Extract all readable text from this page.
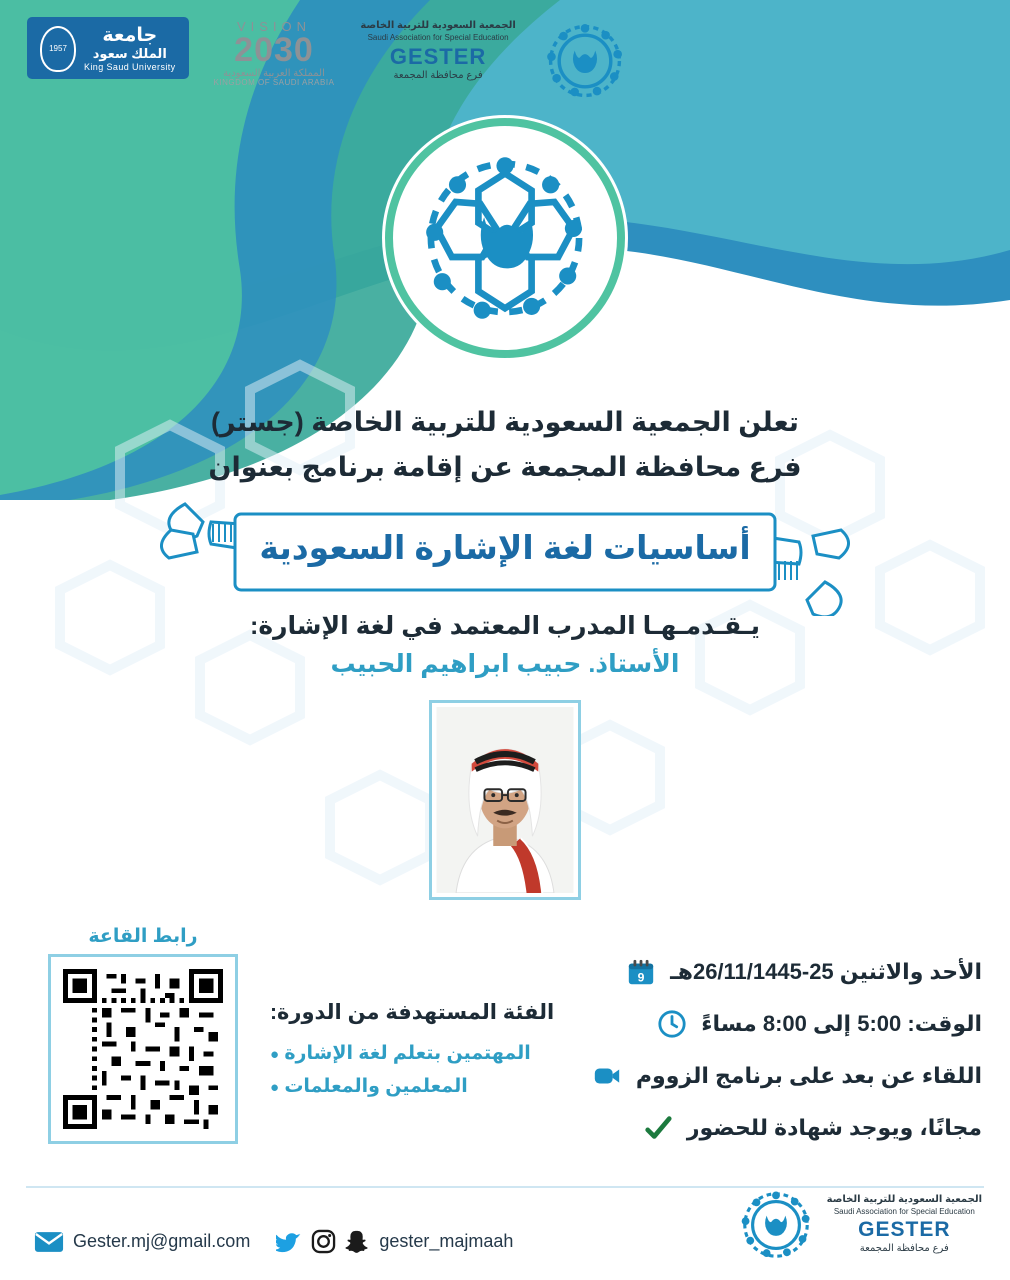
جامعة
الملك سعود
King Saud University
1957
VISION
2030
المملكة العربية السعودية
KINGDOM OF SAUDI ARABIA
الجمعية السعودية للتربية الخاصة
Saudi Association for Special Education
GESTER
فرع محافظة المجمعة
تعلن الجمعية السعودية للتربية الخاصة (جستر)
فرع محافظة المجمعة عن إقامة برنامج بعنوان
أساسيات لغة الإشارة السعودية
يـقـدمـهـا المدرب المعتمد في لغة الإشارة:
الأستاذ. حبيب ابراهيم الحبيب
رابط القاعة
الفئة المستهدفة من الدورة:
المهتمين بتعلم لغة الإشارة ●
المعلمين والمعلمات ●
الأحد والاثنين 25-26/11/1445هـ
9
الوقت: 5:00 إلى 8:00 مساءً
اللقاء عن بعد على برنامج الزووم
مجانًا، ويوجد شهادة للحضور
Gester.mj@gmail.com	gester_majmaah
الجمعية السعودية للتربية الخاصة
Saudi Association for Special Education
GESTER
فرع محافظة المجمعة
